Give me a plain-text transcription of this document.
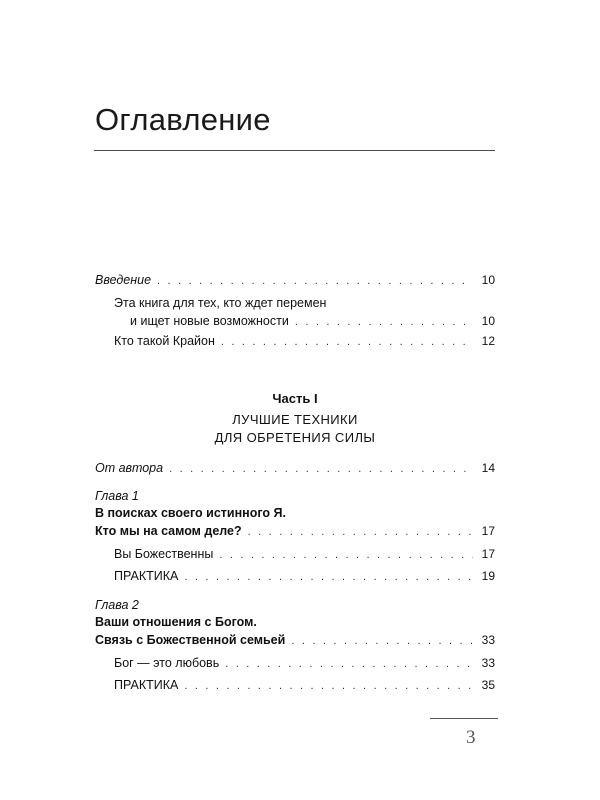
Оглавление
Введение . . .	10
Эта книга для тех, кто ждет перемен
и ищет новые возможности . . .	10
Кто такой Крайон . . .	12
Часть I
ЛУЧШИЕ ТЕХНИКИ
ДЛЯ ОБРЕТЕНИЯ СИЛЫ
От автора . . .	14
Глава 1
В поисках своего истинного Я.
Кто мы на самом деле? . . .	17
Вы Божественны . . .	17
ПРАКТИКА . . .	19
Глава 2
Ваши отношения с Богом.
Связь с Божественной семьей . . .	33
Бог — это любовь . . .	33
ПРАКТИКА . . .	35
3
